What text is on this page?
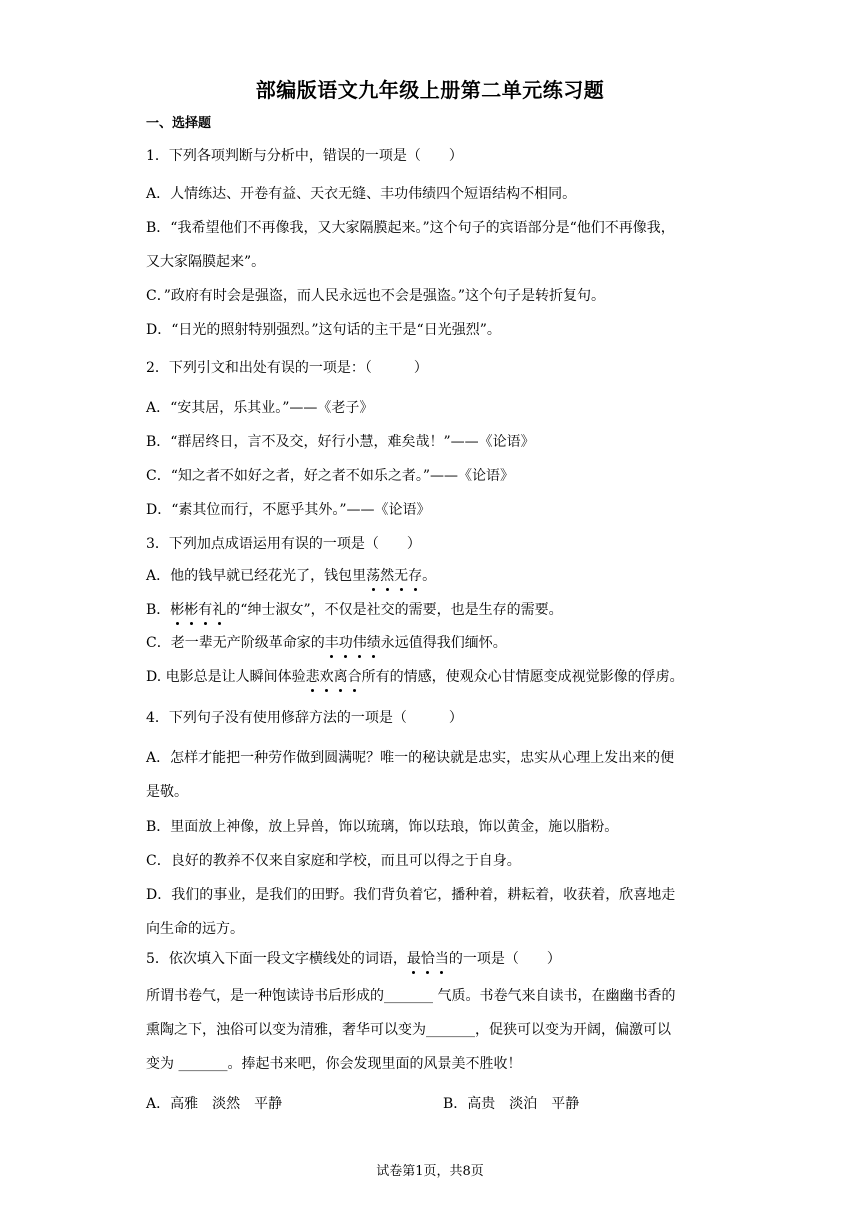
部编版语文九年级上册第二单元练习题
一、选择题
1．下列各项判断与分析中，错误的一项是（　　）
A．人情练达、开卷有益、天衣无缝、丰功伟绩四个短语结构不相同。
B．“我希望他们不再像我，又大家隔膜起来。”这个句子的宾语部分是“他们不再像我，
又大家隔膜起来”。
C．”政府有时会是强盗，而人民永远也不会是强盗。”这个句子是转折复句。
D．“日光的照射特别强烈。”这句话的主干是“日光强烈”。
2．下列引文和出处有误的一项是：（　　　）
A．“安其居，乐其业。”——《老子》
B．“群居终日，言不及交，好行小慧，难矣哉！”——《论语》
C．“知之者不如好之者，好之者不如乐之者。”——《论语》
D．“素其位而行，不愿乎其外。”——《论语》
3．下列加点成语运用有误的一项是（　　）
A．他的钱早就已经花光了，钱包里荡然无存。
B．彬彬有礼的“绅士淑女”，不仅是社交的需要，也是生存的需要。
C．老一辈无产阶级革命家的丰功伟绩永远值得我们缅怀。
D. 电影总是让人瞬间体验悲欢离合所有的情感，使观众心甘情愿变成视觉影像的俘虏。
4．下列句子没有使用修辞方法的一项是（　　　）
A．怎样才能把一种劳作做到圆满呢？唯一的秘诀就是忠实，忠实从心理上发出来的便
是敬。
B．里面放上神像，放上异兽，饰以琉璃，饰以珐琅，饰以黄金，施以脂粉。
C．良好的教养不仅来自家庭和学校，而且可以得之于自身。
D．我们的事业，是我们的田野。我们背负着它，播种着，耕耘着，收获着，欣喜地走
向生命的远方。
5．依次填入下面一段文字横线处的词语，最恰当的一项是（　　）
所谓书卷气，是一种饱读诗书后形成的_______ 气质。书卷气来自读书，在幽幽书香的
熏陶之下，浊俗可以变为清雅，奢华可以变为_______，促狭可以变为开阔，偏激可以
变为 _______。捧起书来吧，你会发现里面的风景美不胜收！
A．高雅　淡然　平静	B．高贵　淡泊　平静
试卷第1页，共8页
